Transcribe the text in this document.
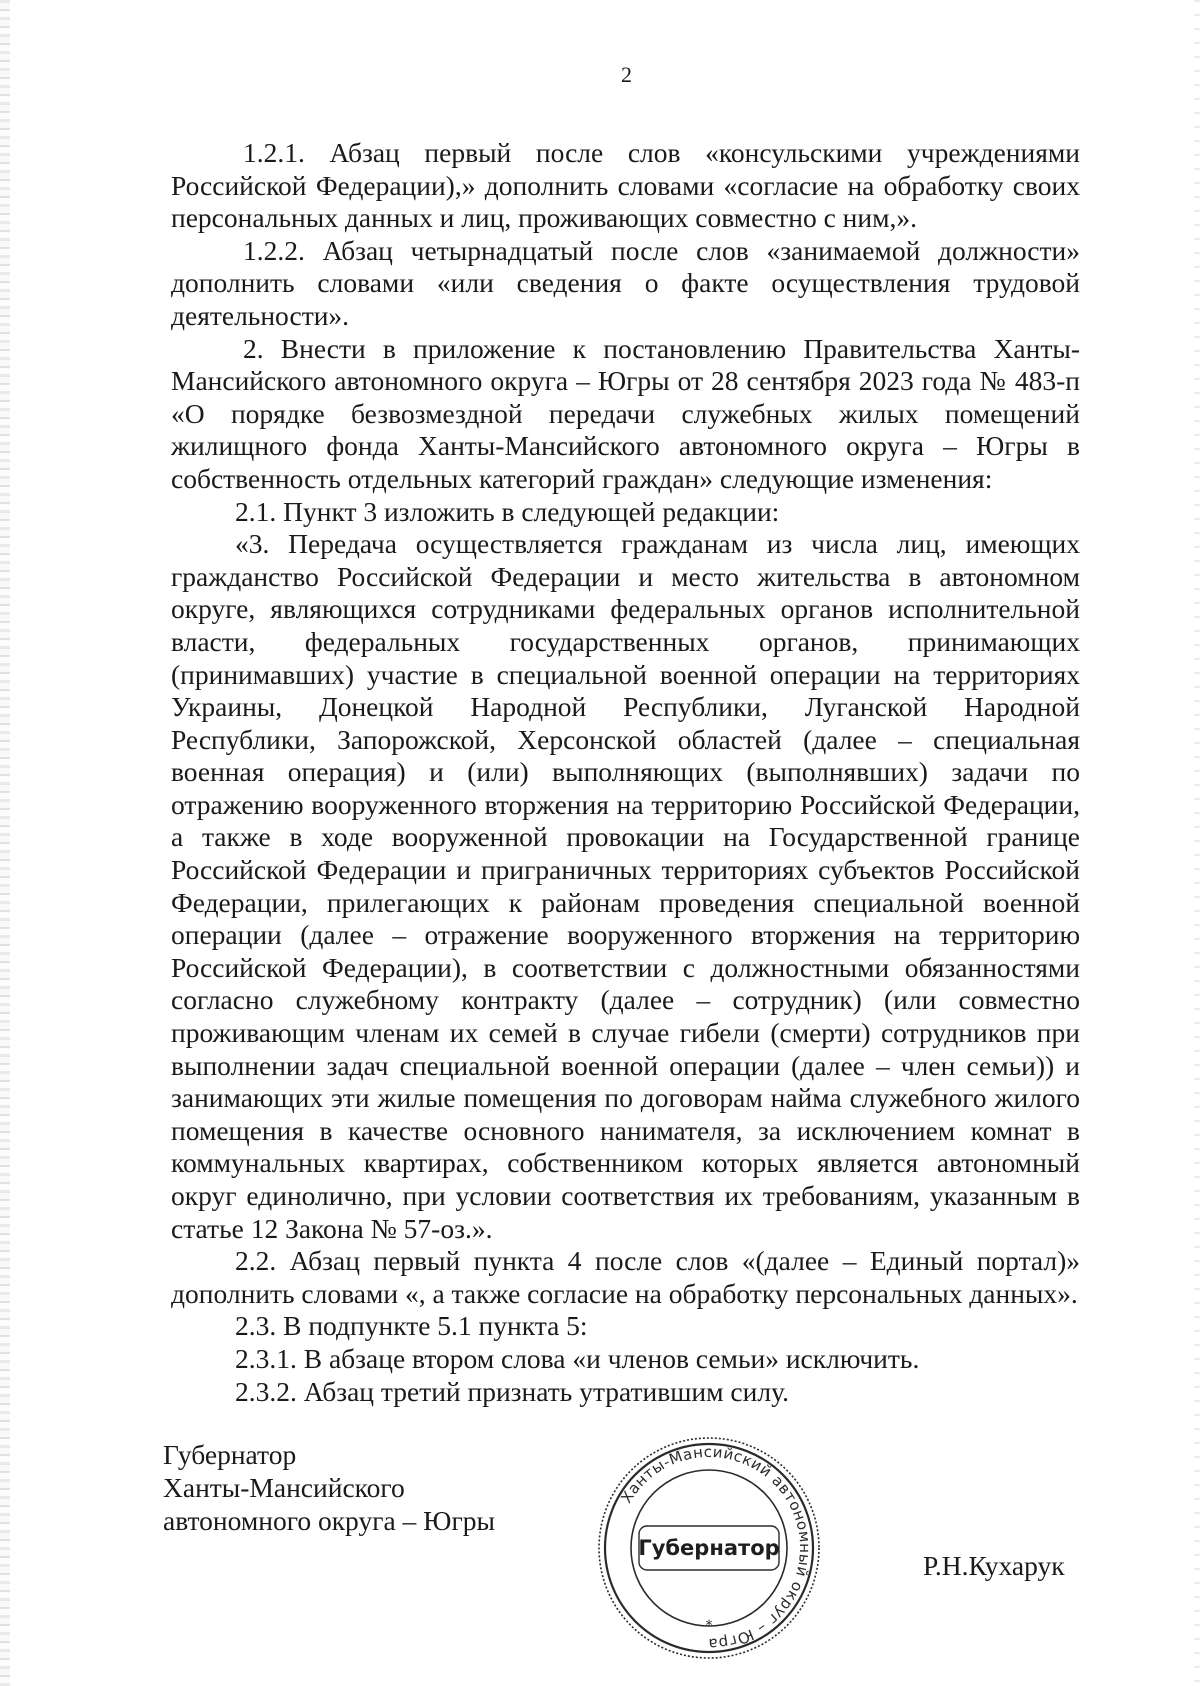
2

1.2.1. Абзац первый после слов «консульскими учреждениями Российской Федерации),» дополнить словами «согласие на обработку своих персональных данных и лиц, проживающих совместно с ним,».

1.2.2. Абзац четырнадцатый после слов «занимаемой должности» дополнить словами «или сведения о факте осуществления трудовой деятельности».

2. Внести в приложение к постановлению Правительства Ханты-Мансийского автономного округа – Югры от 28 сентября 2023 года № 483-п «О порядке безвозмездной передачи служебных жилых помещений жилищного фонда Ханты-Мансийского автономного округа – Югры в собственность отдельных категорий граждан» следующие изменения:

2.1. Пункт 3 изложить в следующей редакции:

«3. Передача осуществляется гражданам из числа лиц, имеющих гражданство Российской Федерации и место жительства в автономном округе, являющихся сотрудниками федеральных органов исполнительной власти, федеральных государственных органов, принимающих (принимавших) участие в специальной военной операции на территориях Украины, Донецкой Народной Республики, Луганской Народной Республики, Запорожской, Херсонской областей (далее – специальная военная операция) и (или) выполняющих (выполнявших) задачи по отражению вооруженного вторжения на территорию Российской Федерации, а также в ходе вооруженной провокации на Государственной границе Российской Федерации и приграничных территориях субъектов Российской Федерации, прилегающих к районам проведения специальной военной операции (далее – отражение вооруженного вторжения на территорию Российской Федерации), в соответствии с должностными обязанностями согласно служебному контракту (далее – сотрудник) (или совместно проживающим членам их семей в случае гибели (смерти) сотрудников при выполнении задач специальной военной операции (далее – член семьи)) и занимающих эти жилые помещения по договорам найма служебного жилого помещения в качестве основного нанимателя, за исключением комнат в коммунальных квартирах, собственником которых является автономный округ единолично, при условии соответствия их требованиям, указанным в статье 12 Закона № 57-оз.».

2.2. Абзац первый пункта 4 после слов «(далее – Единый портал)» дополнить словами «, а также согласие на обработку персональных данных».

2.3. В подпункте 5.1 пункта 5:

2.3.1. В абзаце втором слова «и членов семьи» исключить.

2.3.2. Абзац третий признать утратившим силу.

Губернатор
Ханты-Мансийского
автономного округа – Югры
Ханты-Мансийский автономный округ – Югра
Губернатор
*
Р.Н.Кухарук
